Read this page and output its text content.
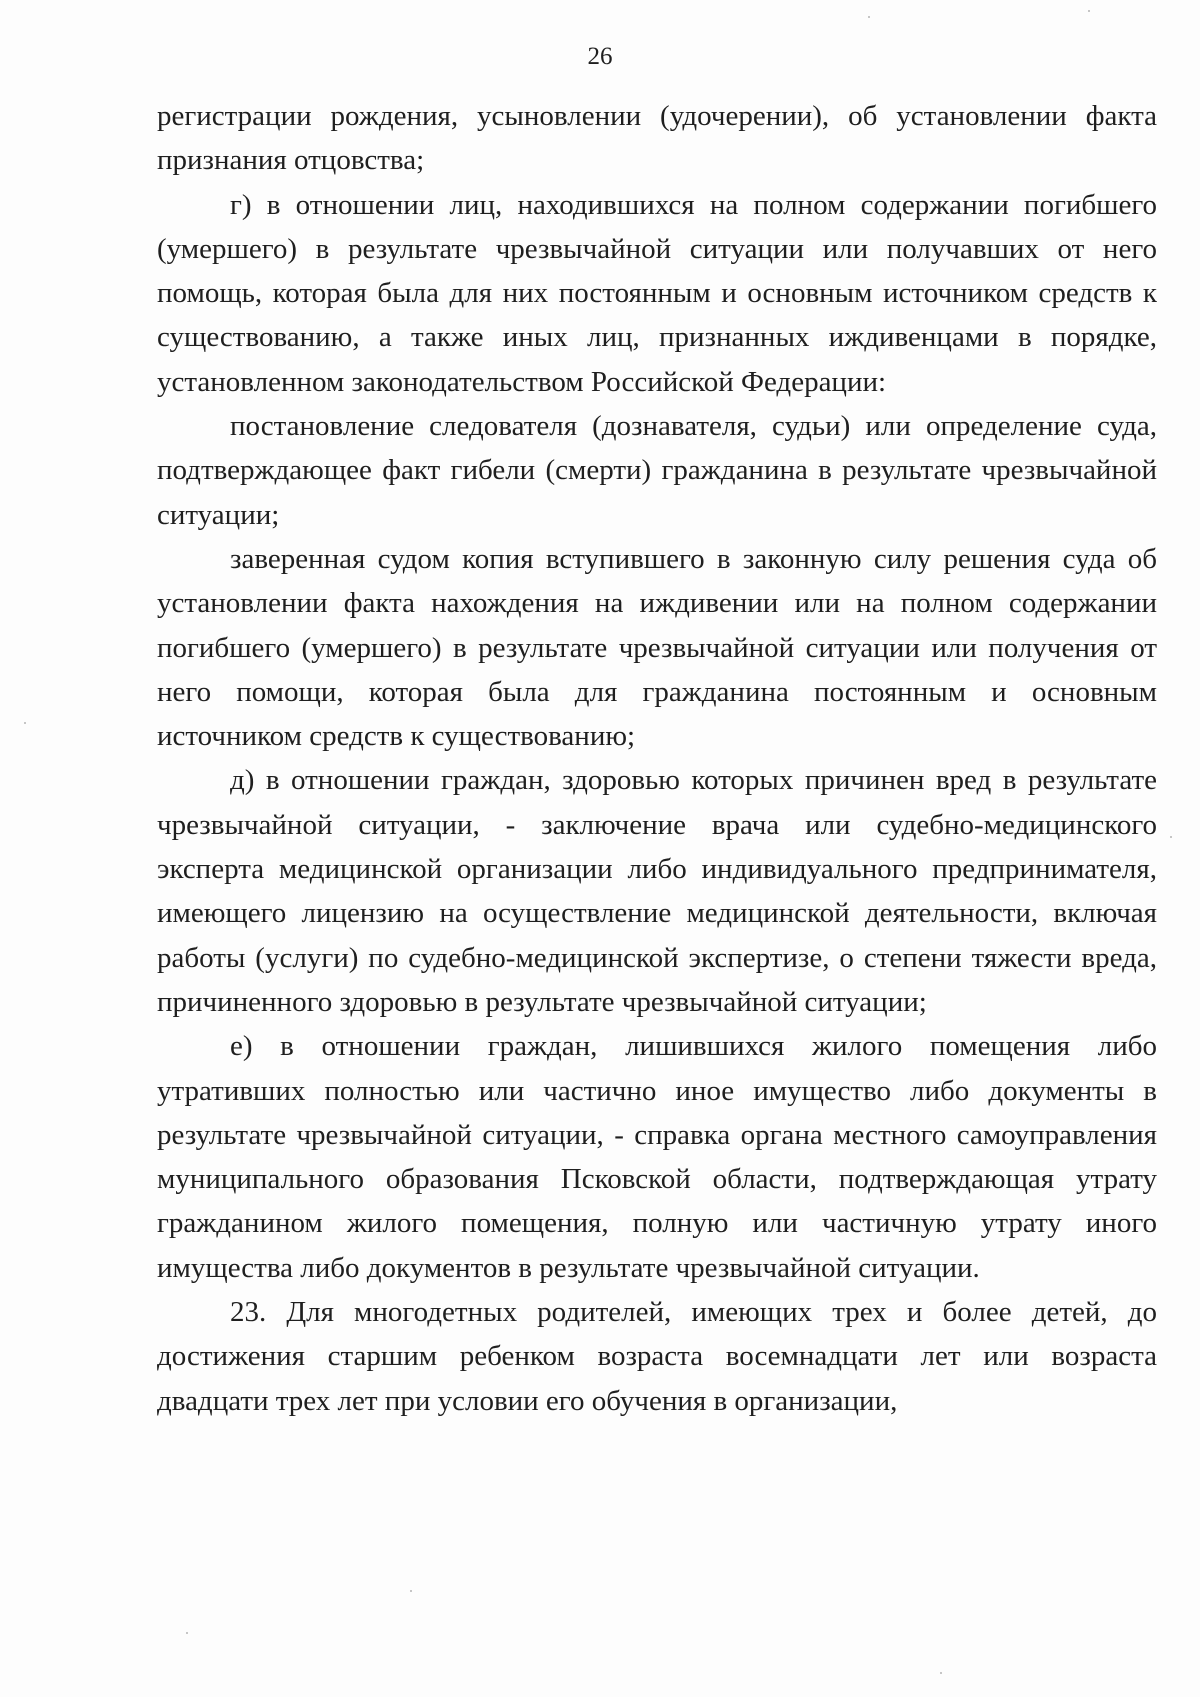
26

регистрации рождения, усыновлении (удочерении), об установлении факта признания отцовства;

г) в отношении лиц, находившихся на полном содержании погибшего (умершего) в результате чрезвычайной ситуации или получавших от него помощь, которая была для них постоянным и основным источником средств к существованию, а также иных лиц, признанных иждивенцами в порядке, установленном законодательством Российской Федерации:

постановление следователя (дознавателя, судьи) или определение суда, подтверждающее факт гибели (смерти) гражданина в результате чрезвычайной ситуации;

заверенная судом копия вступившего в законную силу решения суда об установлении факта нахождения на иждивении или на полном содержании погибшего (умершего) в результате чрезвычайной ситуации или получения от него помощи, которая была для гражданина постоянным и основным источником средств к существованию;

д) в отношении граждан, здоровью которых причинен вред в результате чрезвычайной ситуации, - заключение врача или судебно-медицинского эксперта медицинской организации либо индивидуального предпринимателя, имеющего лицензию на осуществление медицинской деятельности, включая работы (услуги) по судебно-медицинской экспертизе, о степени тяжести вреда, причиненного здоровью в результате чрезвычайной ситуации;

е) в отношении граждан, лишившихся жилого помещения либо утративших полностью или частично иное имущество либо документы в результате чрезвычайной ситуации, - справка органа местного самоуправления муниципального образования Псковской области, подтверждающая утрату гражданином жилого помещения, полную или частичную утрату иного имущества либо документов в результате чрезвычайной ситуации.

23. Для многодетных родителей, имеющих трех и более детей, до достижения старшим ребенком возраста восемнадцати лет или возраста двадцати трех лет при условии его обучения в организации,
